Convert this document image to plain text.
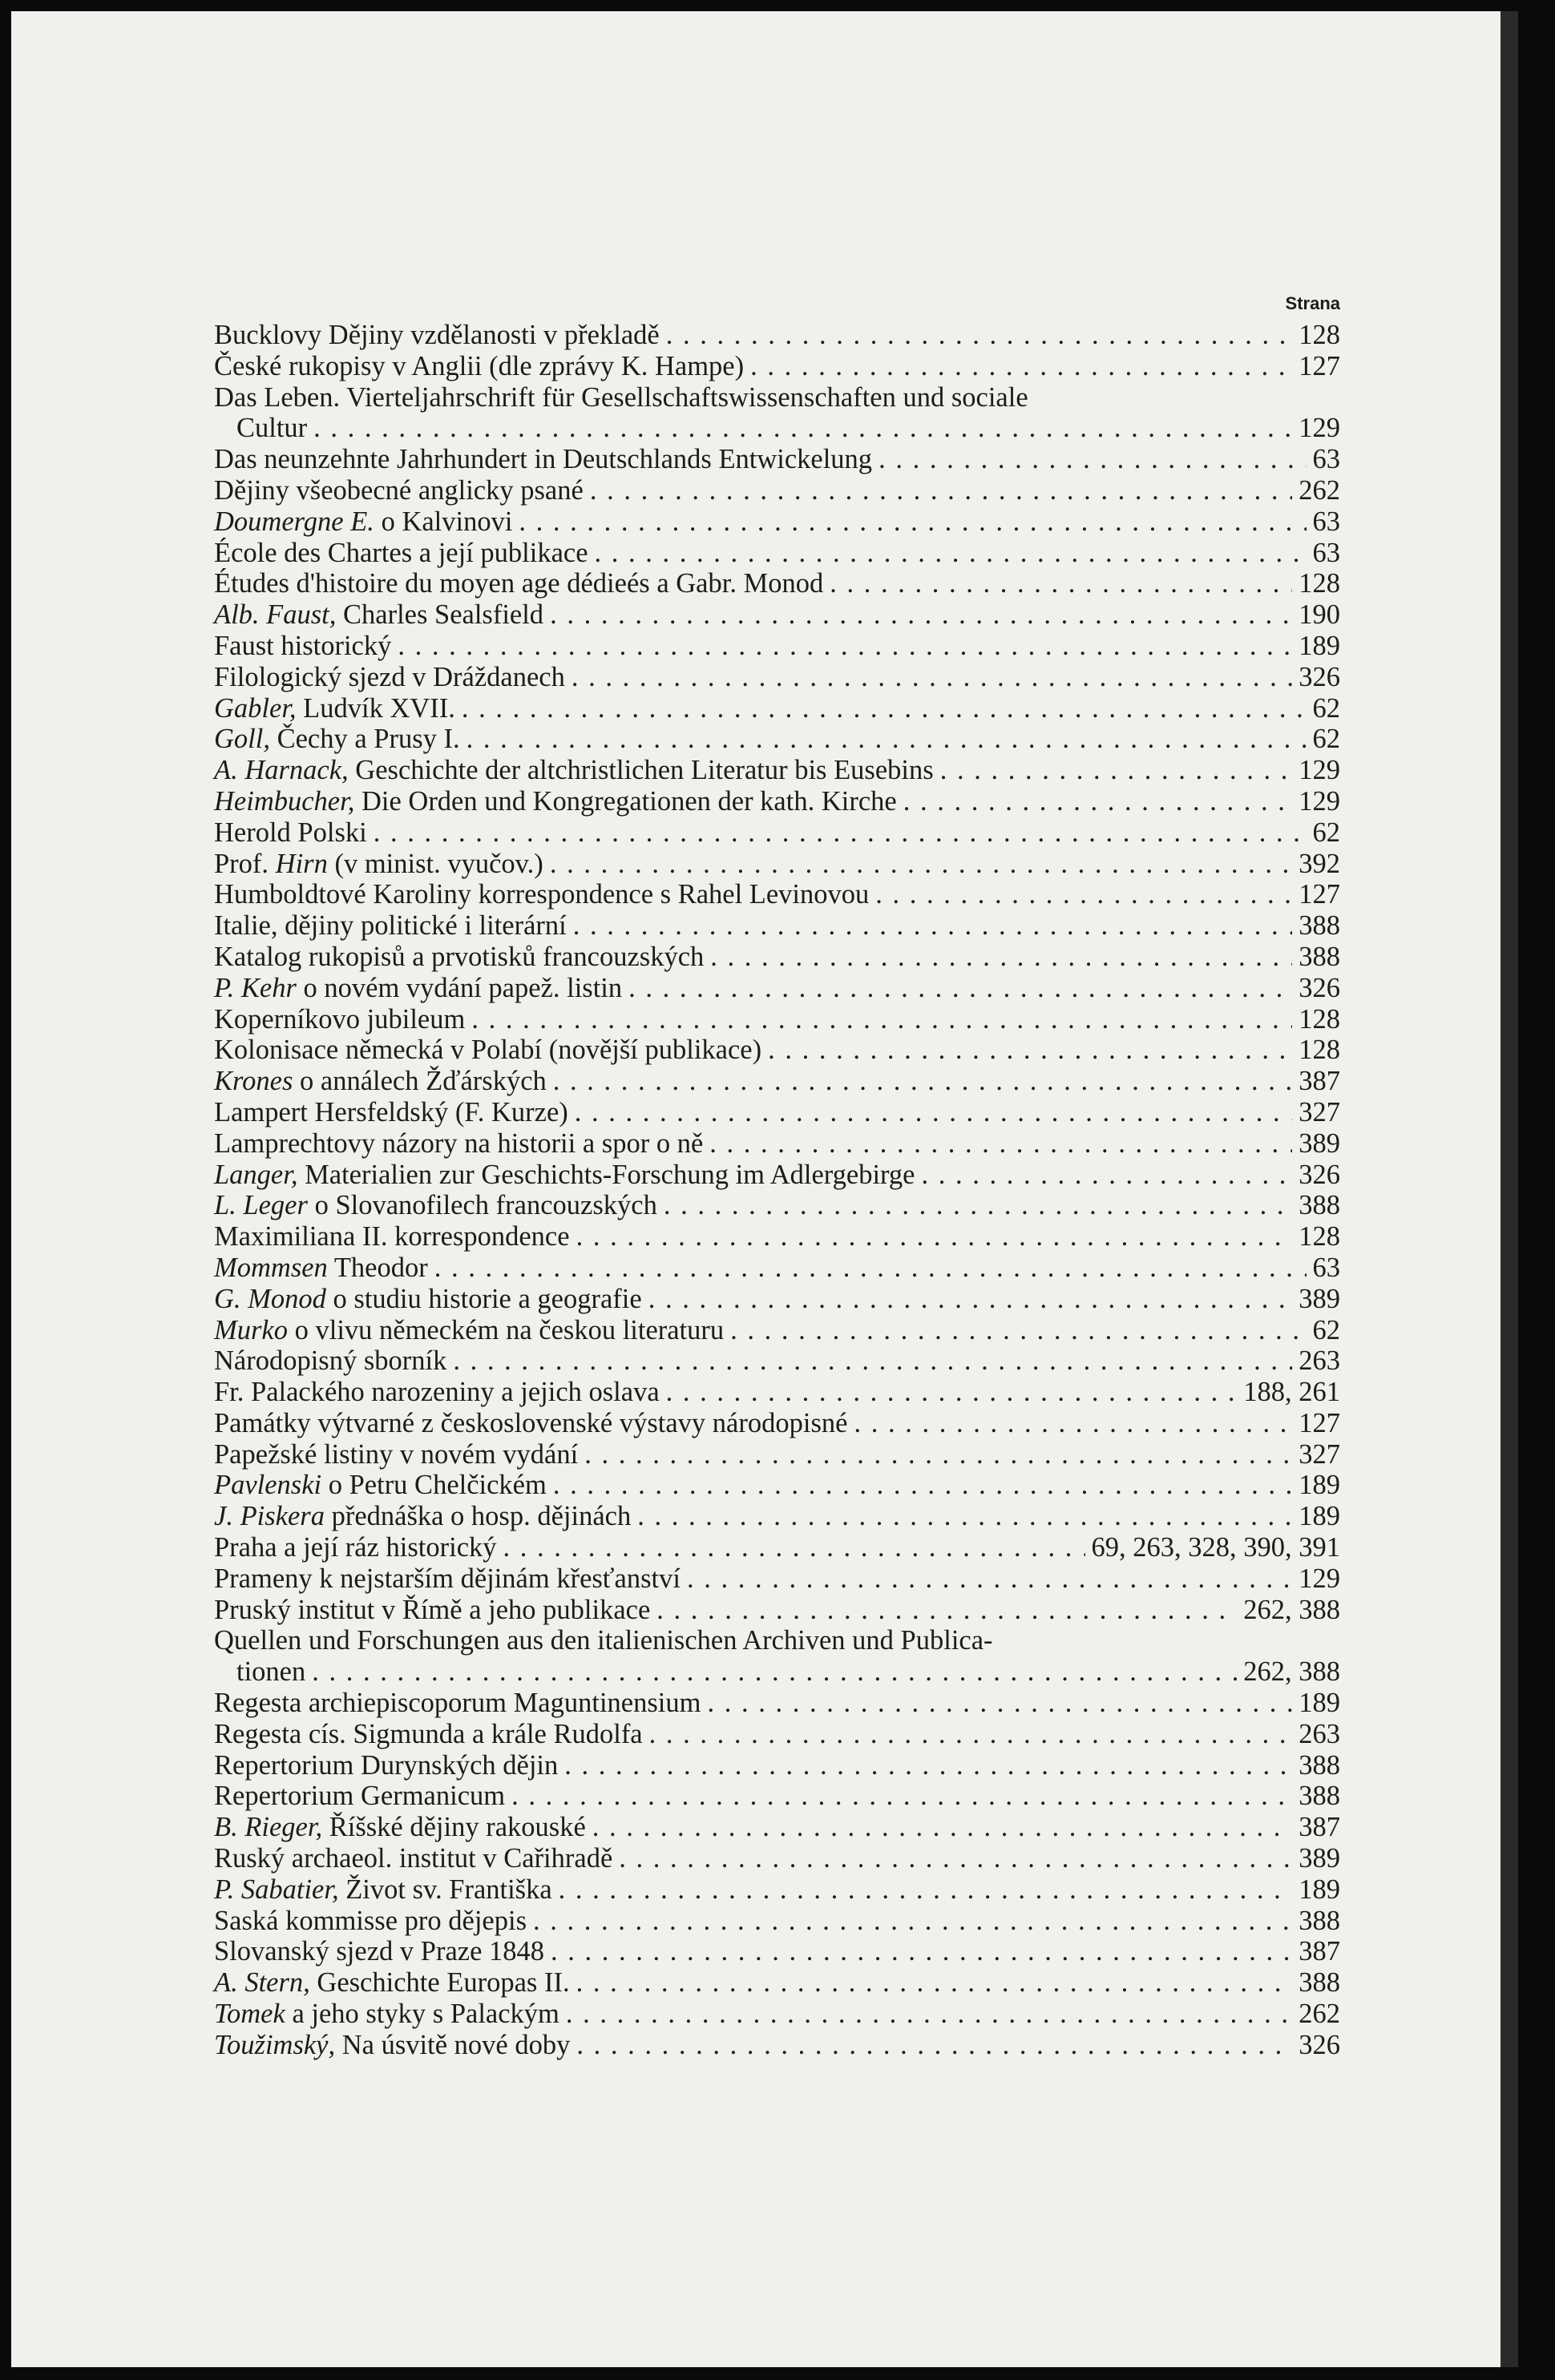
Strana
Bucklovy Dějiny vzdělanosti v překladě . . .	128
České rukopisy v Anglii (dle zprávy K. Hampe) . . .	127
Das Leben. Vierteljahrschrift für Gesellschaftswissenschaften und sociale
Cultur . . .	129
Das neunzehnte Jahrhundert in Deutschlands Entwickelung . . .	63
Dějiny všeobecné anglicky psané . . .	262
Doumergne E. o Kalvinovi . . .	63
École des Chartes a její publikace . . .	63
Études d'histoire du moyen age dédieés a Gabr. Monod . . .	128
Alb. Faust, Charles Sealsfield . . .	190
Faust historický . . .	189
Filologický sjezd v Dráždanech . . .	326
Gabler, Ludvík XVII. . . .	62
Goll, Čechy a Prusy I. . . .	62
A. Harnack, Geschichte der altchristlichen Literatur bis Eusebins . . .	129
Heimbucher, Die Orden und Kongregationen der kath. Kirche . . .	129
Herold Polski . . .	62
Prof. Hirn (v minist. vyučov.) . . .	392
Humboldtové Karoliny korrespondence s Rahel Levinovou . . .	127
Italie, dějiny politické i literární . . .	388
Katalog rukopisů a prvotisků francouzských . . .	388
P. Kehr o novém vydání papež. listin . . .	326
Koperníkovo jubileum . . .	128
Kolonisace německá v Polabí (novější publikace) . . .	128
Krones o annálech Žďárských . . .	387
Lampert Hersfeldský (F. Kurze) . . .	327
Lamprechtovy názory na historii a spor o ně . . .	389
Langer, Materialien zur Geschichts-Forschung im Adlergebirge . . .	326
L. Leger o Slovanofilech francouzských . . .	388
Maximiliana II. korrespondence . . .	128
Mommsen Theodor . . .	63
G. Monod o studiu historie a geografie . . .	389
Murko o vlivu německém na českou literaturu . . .	62
Národopisný sborník . . .	263
Fr. Palackého narozeniny a jejich oslava . . .	188, 261
Památky výtvarné z československé výstavy národopisné . . .	127
Papežské listiny v novém vydání . . .	327
Pavlenski o Petru Chelčickém . . .	189
J. Piskera přednáška o hosp. dějinách . . .	189
Praha a její ráz historický . . .	69, 263, 328, 390, 391
Prameny k nejstarším dějinám křesťanství . . .	129
Pruský institut v Římě a jeho publikace . . .	262, 388
Quellen und Forschungen aus den italienischen Archiven und Publica-
tionen . . .	262, 388
Regesta archiepiscoporum Maguntinensium . . .	189
Regesta cís. Sigmunda a krále Rudolfa . . .	263
Repertorium Durynských dějin . . .	388
Repertorium Germanicum . . .	388
B. Rieger, Říšské dějiny rakouské . . .	387
Ruský archaeol. institut v Cařihradě . . .	389
P. Sabatier, Život sv. Františka . . .	189
Saská kommisse pro dějepis . . .	388
Slovanský sjezd v Praze 1848 . . .	387
A. Stern, Geschichte Europas II. . . .	388
Tomek a jeho styky s Palackým . . .	262
Toužimský, Na úsvitě nové doby . . .	326
